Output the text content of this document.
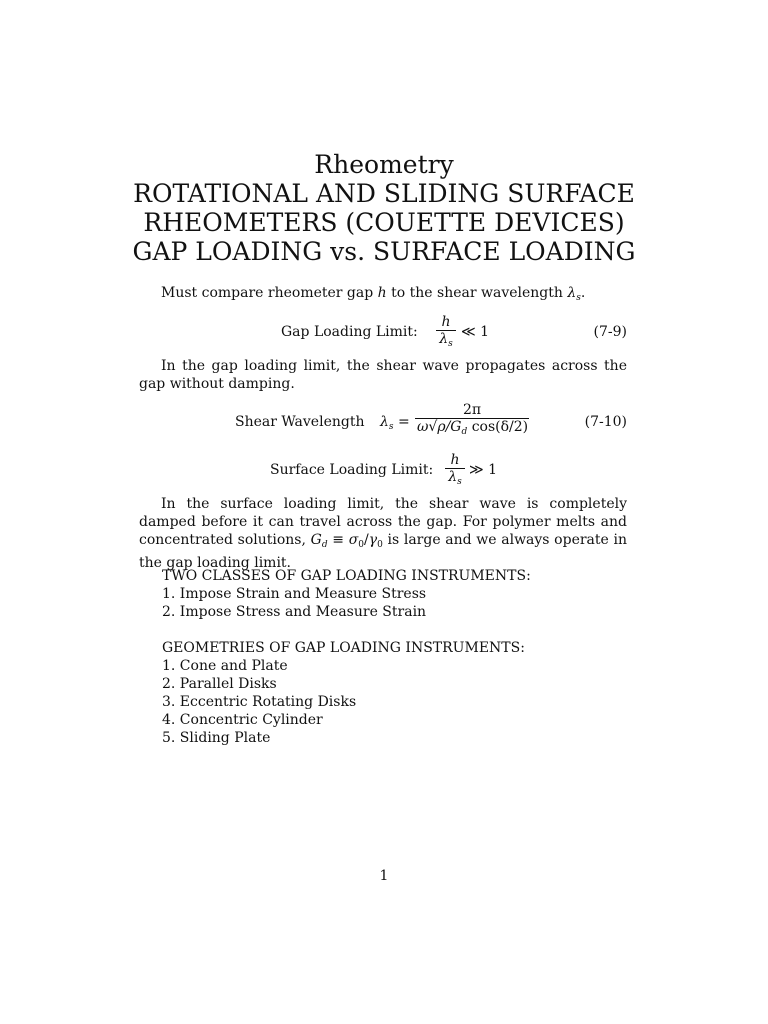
Rheometry
ROTATIONAL AND SLIDING SURFACE
RHEOMETERS (COUETTE DEVICES)
GAP LOADING vs. SURFACE LOADING
Must compare rheometer gap h to the shear wavelength $\lambda_s$.
Gap Loading Limit:
h
$\lambda_s$
≪ 1	(7-9)
In the gap loading limit, the shear wave propagates across the gap without damping.
Shear Wavelength $\lambda_s$ =
2π
$\omega√\rho/G_d$ cos(δ/2)	(7-10)
Surface Loading Limit:
h
$\lambda_s$
≫ 1
In the surface loading limit, the shear wave is completely damped before it can travel across the gap. For polymer melts and concentrated solutions, $G_d \equiv \sigma_0/\gamma_0$ is large and we always operate in the gap loading limit.
TWO CLASSES OF GAP LOADING INSTRUMENTS:
1. Impose Strain and Measure Stress
2. Impose Stress and Measure Strain
GEOMETRIES OF GAP LOADING INSTRUMENTS:
1. Cone and Plate
2. Parallel Disks
3. Eccentric Rotating Disks
4. Concentric Cylinder
5. Sliding Plate
1
